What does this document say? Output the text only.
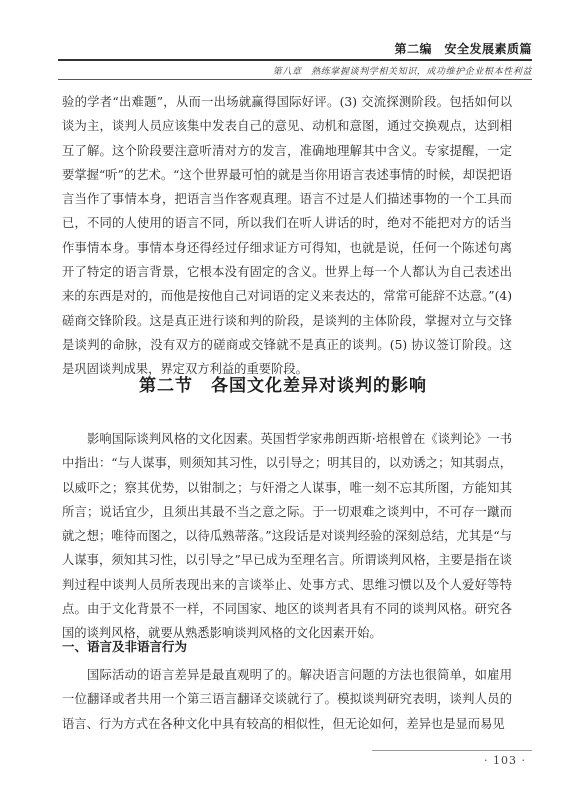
第二编　安全发展素质篇
第八章　熟练掌握谈判学相关知识，成功维护企业根本性利益

验的学者“出难题”，从而一出场就赢得国际好评。(3) 交流探测阶段。包括如何以谈为主，谈判人员应该集中发表自己的意见、动机和意图，通过交换观点，达到相互了解。这个阶段要注意听清对方的发言，准确地理解其中含义。专家提醒，一定要掌握“听”的艺术。“这个世界最可怕的就是当你用语言表述事情的时候，却误把语言当作了事情本身，把语言当作客观真理。语言不过是人们描述事物的一个工具而已，不同的人使用的语言不同，所以我们在听人讲话的时，绝对不能把对方的话当作事情本身。事情本身还得经过仔细求证方可得知，也就是说，任何一个陈述句离开了特定的语言背景，它根本没有固定的含义。世界上每一个人都认为自己表述出来的东西是对的，而他是按他自己对词语的定义来表达的，常常可能辞不达意。”(4) 磋商交锋阶段。这是真正进行谈和判的阶段，是谈判的主体阶段，掌握对立与交锋是谈判的命脉，没有双方的磋商或交锋就不是真正的谈判。(5) 协议签订阶段。这是巩固谈判成果，界定双方利益的重要阶段。

第二节　各国文化差异对谈判的影响

影响国际谈判风格的文化因素。英国哲学家弗朗西斯·培根曾在《谈判论》一书中指出：“与人谋事，则须知其习性，以引导之；明其目的，以劝诱之；知其弱点，以威吓之；察其优势，以钳制之；与奸滑之人谋事，唯一刻不忘其所图，方能知其所言；说话宜少，且须出其最不当之意之际。于一切艰难之谈判中，不可存一蹴而就之想；唯待而图之，以待瓜熟蒂落。”这段话是对谈判经验的深刻总结，尤其是“与人谋事，须知其习性，以引导之”早已成为至理名言。所谓谈判风格，主要是指在谈判过程中谈判人员所表现出来的言谈举止、处事方式、思维习惯以及个人爱好等特点。由于文化背景不一样，不同国家、地区的谈判者具有不同的谈判风格。研究各国的谈判风格，就要从熟悉影响谈判风格的文化因素开始。

一、语言及非语言行为

国际活动的语言差异是最直观明了的。解决语言问题的方法也很简单，如雇用一位翻译或者共用一个第三语言翻译交谈就行了。模拟谈判研究表明，谈判人员的语言、行为方式在各种文化中具有较高的相似性，但无论如何，差异也是显而易见

· 103 ·
